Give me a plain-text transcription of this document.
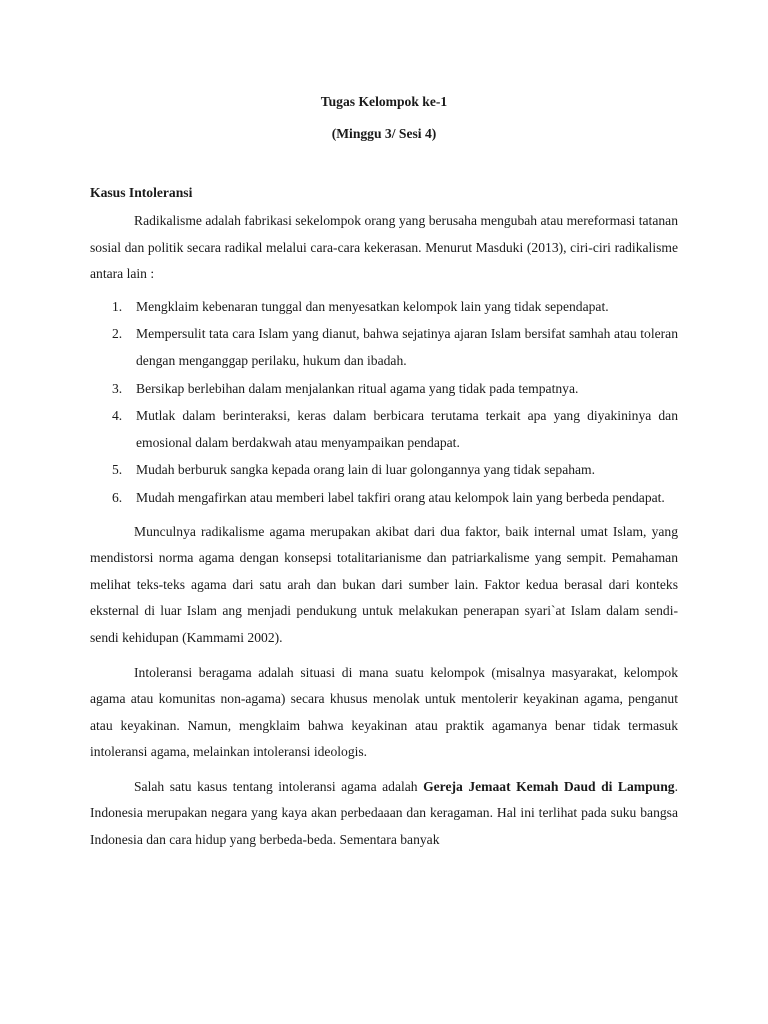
Tugas Kelompok ke-1

(Minggu 3/ Sesi 4)

Kasus Intoleransi

Radikalisme adalah fabrikasi sekelompok orang yang berusaha mengubah atau mereformasi tatanan sosial dan politik secara radikal melalui cara-cara kekerasan. Menurut Masduki (2013), ciri-ciri radikalisme antara lain :

1. Mengklaim kebenaran tunggal dan menyesatkan kelompok lain yang tidak sependapat.
2. Mempersulit tata cara Islam yang dianut, bahwa sejatinya ajaran Islam bersifat samhah atau toleran dengan menganggap perilaku, hukum dan ibadah.
3. Bersikap berlebihan dalam menjalankan ritual agama yang tidak pada tempatnya.
4. Mutlak dalam berinteraksi, keras dalam berbicara terutama terkait apa yang diyakininya dan emosional dalam berdakwah atau menyampaikan pendapat.
5. Mudah berburuk sangka kepada orang lain di luar golongannya yang tidak sepaham.
6. Mudah mengafirkan atau memberi label takfiri orang atau kelompok lain yang berbeda pendapat.

Munculnya radikalisme agama merupakan akibat dari dua faktor, baik internal umat Islam, yang mendistorsi norma agama dengan konsepsi totalitarianisme dan patriarkalisme yang sempit. Pemahaman melihat teks-teks agama dari satu arah dan bukan dari sumber lain. Faktor kedua berasal dari konteks eksternal di luar Islam ang menjadi pendukung untuk melakukan penerapan syari`at Islam dalam sendi-sendi kehidupan (Kammami 2002).

Intoleransi beragama adalah situasi di mana suatu kelompok (misalnya masyarakat, kelompok agama atau komunitas non-agama) secara khusus menolak untuk mentolerir keyakinan agama, penganut atau keyakinan. Namun, mengklaim bahwa keyakinan atau praktik agamanya benar tidak termasuk intoleransi agama, melainkan intoleransi ideologis.

Salah satu kasus tentang intoleransi agama adalah Gereja Jemaat Kemah Daud di Lampung. Indonesia merupakan negara yang kaya akan perbedaaan dan keragaman. Hal ini terlihat pada suku bangsa Indonesia dan cara hidup yang berbeda-beda. Sementara banyak
